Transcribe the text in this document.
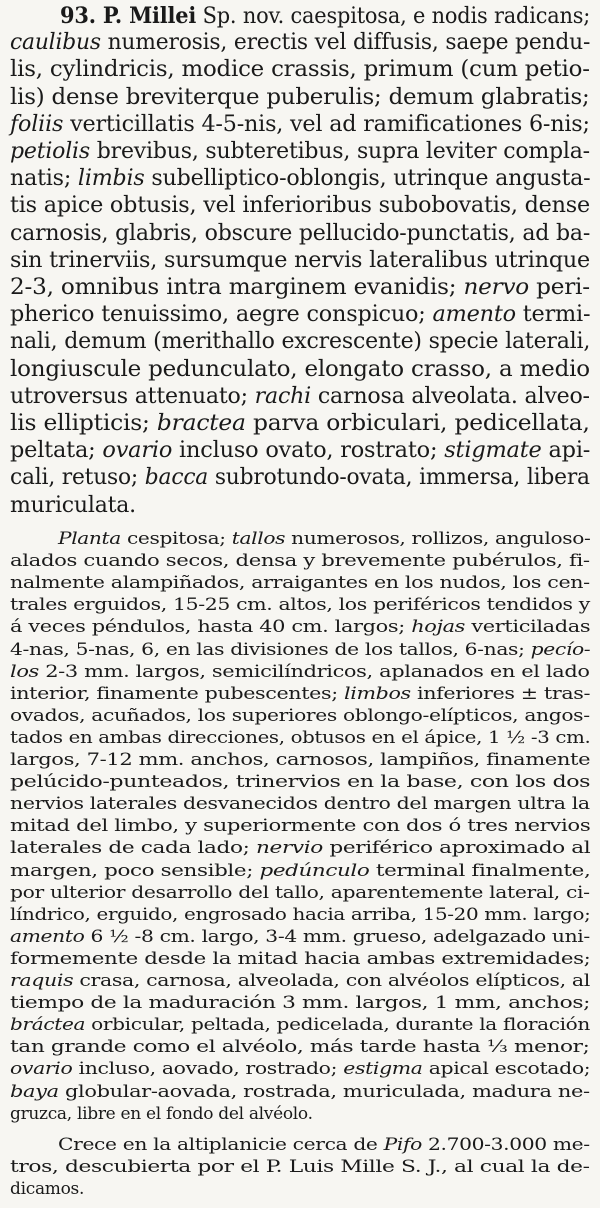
93. P. Millei Sp. nov. caespitosa, e nodis radicans;
caulibus numerosis, erectis vel diffusis, saepe pendu-
lis, cylindricis, modice crassis, primum (cum petio-
lis) dense breviterque puberulis; demum glabratis;
foliis verticillatis 4-5-nis, vel ad ramificationes 6-nis;
petiolis brevibus, subteretibus, supra leviter compla-
natis; limbis subelliptico-oblongis, utrinque angusta-
tis apice obtusis, vel inferioribus subobovatis, dense
carnosis, glabris, obscure pellucido-punctatis, ad ba-
sin trinerviis, sursumque nervis lateralibus utrinque
2-3, omnibus intra marginem evanidis; nervo peri-
pherico tenuissimo, aegre conspicuo; amento termi-
nali, demum (merithallo excrescente) specie laterali,
longiuscule pedunculato, elongato crasso, a medio
utroversus attenuato; rachi carnosa alveolata. alveo-
lis ellipticis; bractea parva orbiculari, pedicellata,
peltata; ovario incluso ovato, rostrato; stigmate api-
cali, retuso; bacca subrotundo-ovata, immersa, libera
muriculata.
Planta cespitosa; tallos numerosos, rollizos, anguloso-
alados cuando secos, densa y brevemente pubérulos, fi-
nalmente alampiñados, arraigantes en los nudos, los cen-
trales erguidos, 15-25 cm. altos, los periféricos tendidos y
á veces péndulos, hasta 40 cm. largos; hojas verticiladas
4-nas, 5-nas, 6, en las divisiones de los tallos, 6-nas; pecío-
los 2-3 mm. largos, semicilíndricos, aplanados en el lado
interior, finamente pubescentes; limbos inferiores ± tras-
ovados, acuñados, los superiores oblongo-elípticos, angos-
tados en ambas direcciones, obtusos en el ápice, 1 ½ -3 cm.
largos, 7-12 mm. anchos, carnosos, lampiños, finamente
pelúcido-punteados, trinervios en la base, con los dos
nervios laterales desvanecidos dentro del margen ultra la
mitad del limbo, y superiormente con dos ó tres nervios
laterales de cada lado; nervio periférico aproximado al
margen, poco sensible; pedúnculo terminal finalmente,
por ulterior desarrollo del tallo, aparentemente lateral, ci-
líndrico, erguido, engrosado hacia arriba, 15-20 mm. largo;
amento 6 ½ -8 cm. largo, 3-4 mm. grueso, adelgazado uni-
formemente desde la mitad hacia ambas extremidades;
raquis crasa, carnosa, alveolada, con alvéolos elípticos, al
tiempo de la maduración 3 mm. largos, 1 mm, anchos;
bráctea orbicular, peltada, pedicelada, durante la floración
tan grande como el alvéolo, más tarde hasta ⅓ menor;
ovario incluso, aovado, rostrado; estigma apical escotado;
baya globular-aovada, rostrada, muriculada, madura ne-
gruzca, libre en el fondo del alvéolo.
Crece en la altiplanicie cerca de Pifo 2.700-3.000 me-
tros, descubierta por el P. Luis Mille S. J., al cual la de-
dicamos.
